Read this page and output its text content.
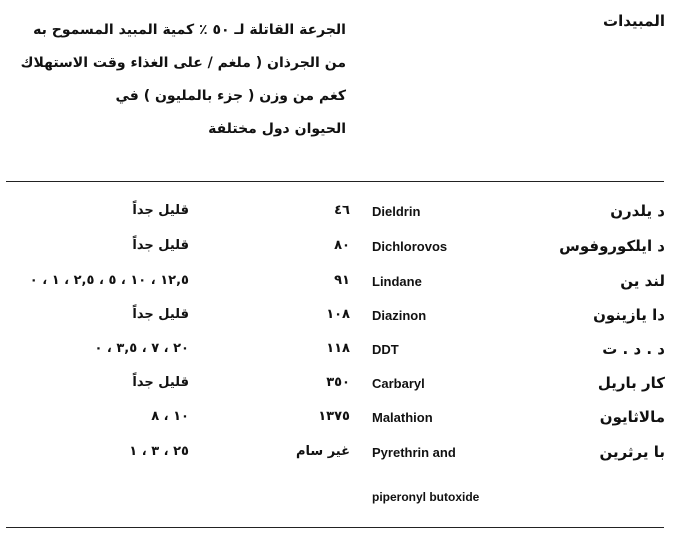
المبيدات
الجرعة القاتلة لـ ٥٠ ٪ كمية المبيد المسموح به
من الجرذان ( ملغم / على الغذاء وقت الاستهلاك
كغم من وزن ( جزء بالمليون ) في
الحيوان دول مختلفة
د يلدرن
Dieldrin
٤٦
قليل جداً
د ايلكوروفوس
Dichlorovos
٨٠
قليل جداً
لند ين
Lindane
٩١
١٢,٥ ، ١٠ ، ٥ ، ٢,٥ ، ١ ، ٠
دا يازينون
Diazinon
١٠٨
قليل جداً
د . د . ت
DDT
١١٨
٢٠ ، ٧ ، ٣,٥ ، ٠
كار باريل
Carbaryl
٣٥٠
قليل جداً
مالاثايون
Malathion
١٣٧٥
١٠ ، ٨
با يرثرين
Pyrethrin and
غير سام
٢٥ ، ٣ ، ١
piperonyl butoxide
